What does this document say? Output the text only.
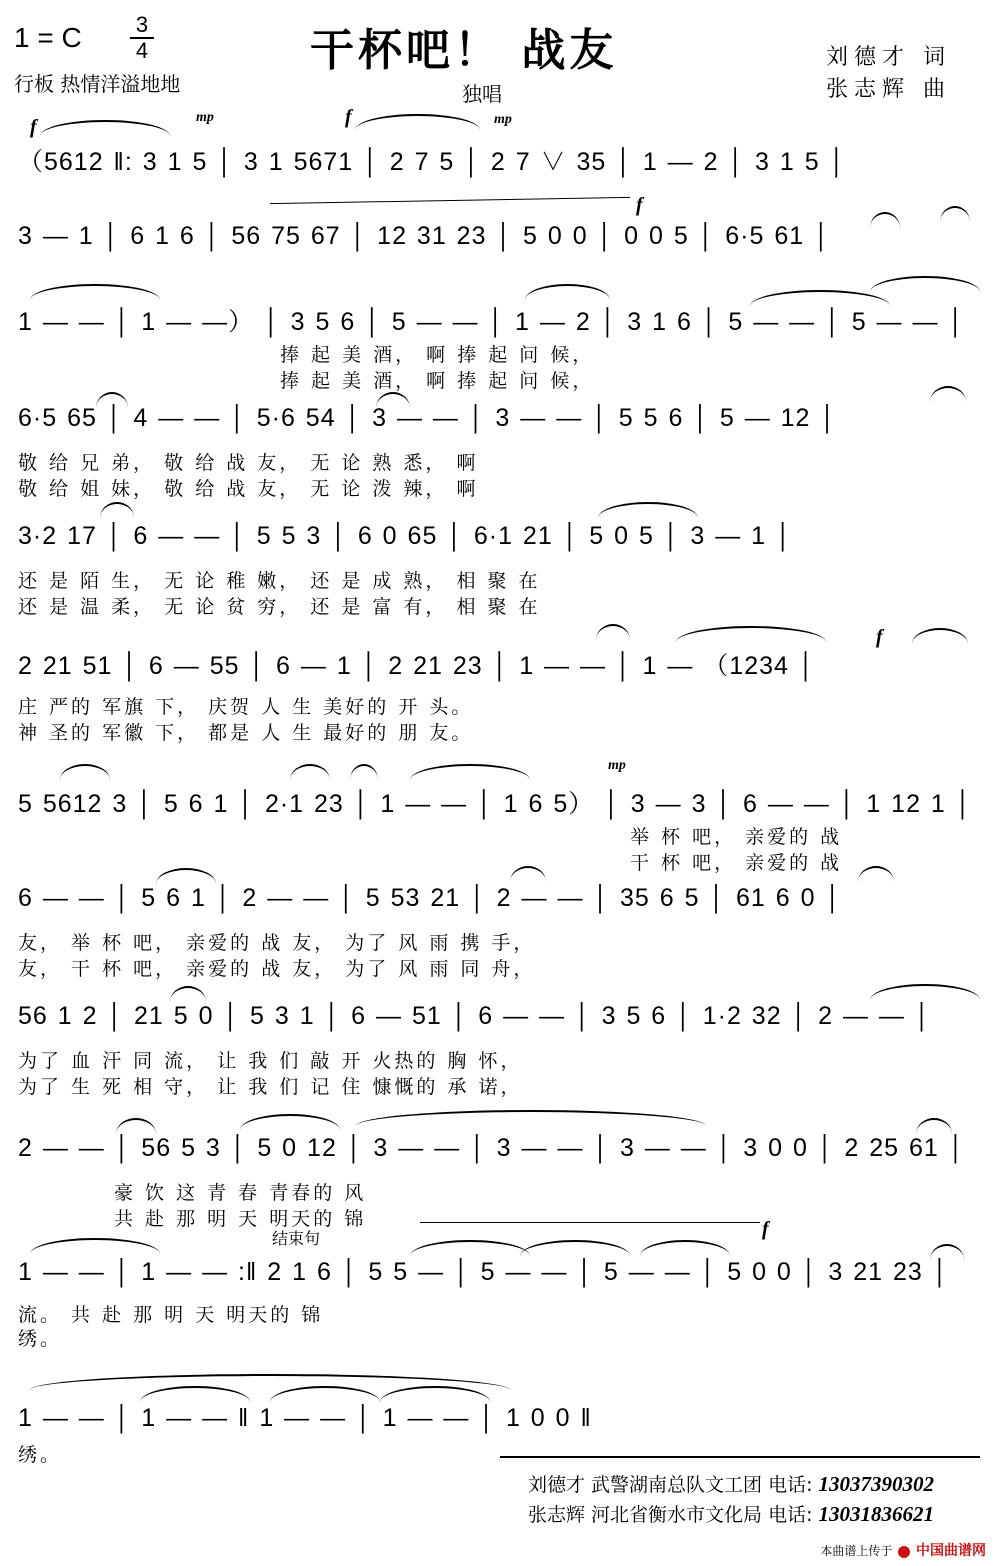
1 = C 3
4
行板 热情洋溢地地
干杯吧！ 战友
独唱
刘德才 词
张志辉 曲
f	mp	f	mp
（5612 ‖: 3 1 5 │ 3 1 5671 │ 2 7 5 │ 2 7 ∨ 35 │ 1 — 2 │ 3 1 5 │
f
3 — 1 │ 6 1 6 │ 56 75 67 │ 12 31 23 │ 5 0 0 │ 0 0 5 │ 6·5 61 │
1 — — │ 1 — —） │ 3 5 6 │ 5 — — │ 1 — 2 │ 3 1 6 │ 5 — — │ 5 — — │
捧 起 美 酒， 啊 捧 起 问 候，
捧 起 美 酒， 啊 捧 起 问 候，
6·5 65 │ 4 — — │ 5·6 54 │ 3 — — │ 3 — — │ 5 5 6 │ 5 — 12 │
敬 给 兄 弟， 敬 给 战 友， 无 论 熟 悉， 啊
敬 给 姐 妹， 敬 给 战 友， 无 论 泼 辣， 啊
3·2 17 │ 6 — — │ 5 5 3 │ 6 0 65 │ 6·1 21 │ 5 0 5 │ 3 — 1 │
还 是 陌 生， 无 论 稚 嫩， 还 是 成 熟， 相 聚 在
还 是 温 柔， 无 论 贫 穷， 还 是 富 有， 相 聚 在
f
2 21 51 │ 6 — 55 │ 6 — 1 │ 2 21 23 │ 1 — — │ 1 — （1234 │
庄 严的 军旗 下， 庆贺 人 生 美好的 开 头。
神 圣的 军徽 下， 都是 人 生 最好的 朋 友。
mp
5 5612 3 │ 5 6 1 │ 2·1 23 │ 1 — — │ 1 6 5） │ 3 — 3 │ 6 — — │ 1 12 1 │
举 杯 吧， 亲爱的 战
干 杯 吧， 亲爱的 战
6 — — │ 5 6 1 │ 2 — — │ 5 53 21 │ 2 — — │ 35 6 5 │ 61 6 0 │
友， 举 杯 吧， 亲爱的 战 友， 为了 风 雨 携 手，
友， 干 杯 吧， 亲爱的 战 友， 为了 风 雨 同 舟，
56 1 2 │ 21 5 0 │ 5 3 1 │ 6 — 51 │ 6 — — │ 3 5 6 │ 1·2 32 │ 2 — — │
为了 血 汗 同 流， 让 我 们 敲 开 火热的 胸 怀，
为了 生 死 相 守， 让 我 们 记 住 慷慨的 承 诺，
2 — — │ 56 5 3 │ 5 0 12 │ 3 — — │ 3 — — │ 3 — — │ 3 0 0 │ 2 25 61 │
豪 饮 这 青 春 青春的 风
共 赴 那 明 天 明天的 锦
结束句	f
1 — — │ 1 — — :‖ 2 1 6 │ 5 5 — │ 5 — — │ 5 — — │ 5 0 0 │ 3 21 23 │
流。 共 赴 那 明 天 明天的 锦
绣。
1 — — │ 1 — — ‖ 1 — — │ 1 — — │ 1 0 0 ‖
绣。
刘德才 武警湖南总队文工团 电话: 13037390302
张志辉 河北省衡水市文化局 电话: 13031836621
本曲谱上传于 中国曲谱网
